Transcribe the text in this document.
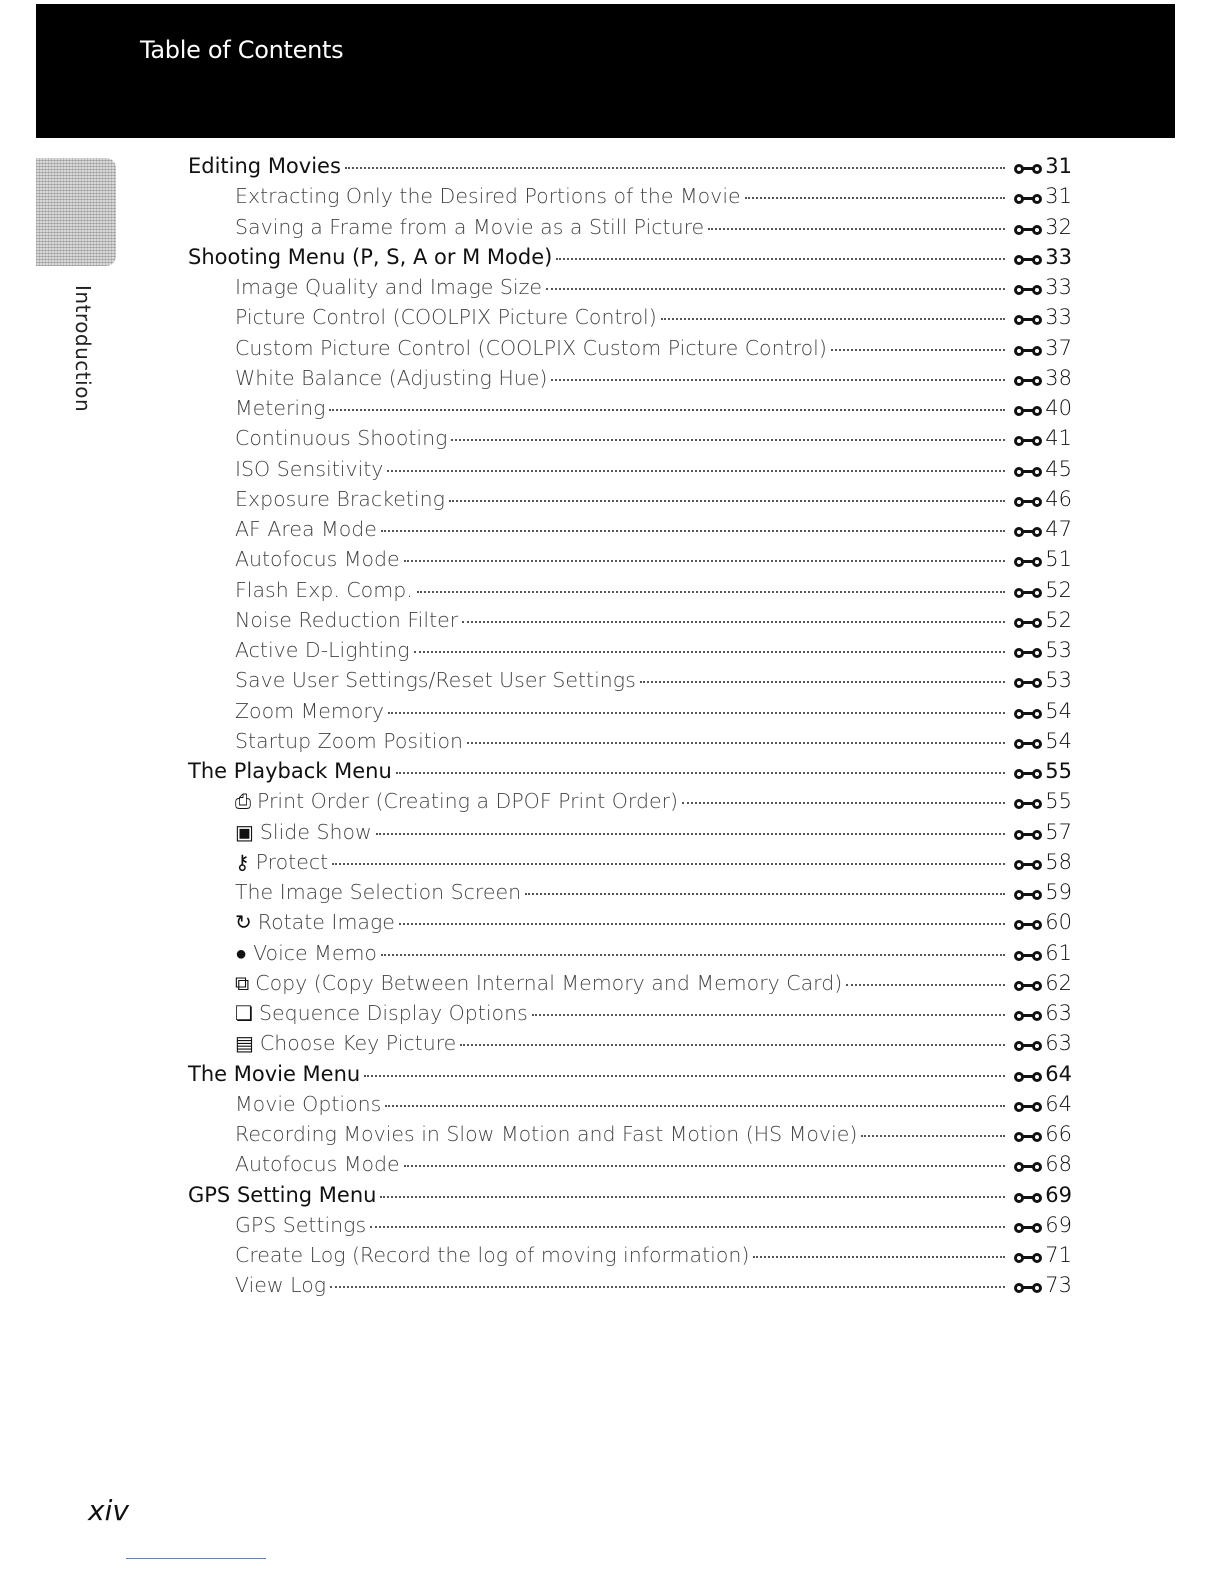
Table of Contents
Introduction
Editing Movies	31
Extracting Only the Desired Portions of the Movie	31
Saving a Frame from a Movie as a Still Picture	32
Shooting Menu (P, S, A or M Mode)	33
Image Quality and Image Size	33
Picture Control (COOLPIX Picture Control)	33
Custom Picture Control (COOLPIX Custom Picture Control)	37
White Balance (Adjusting Hue)	38
Metering	40
Continuous Shooting	41
ISO Sensitivity	45
Exposure Bracketing	46
AF Area Mode	47
Autofocus Mode	51
Flash Exp. Comp.	52
Noise Reduction Filter	52
Active D-Lighting	53
Save User Settings/Reset User Settings	53
Zoom Memory	54
Startup Zoom Position	54
The Playback Menu	55
⎙ Print Order (Creating a DPOF Print Order)	55
▣ Slide Show	57
⚷ Protect	58
The Image Selection Screen	59
↻ Rotate Image	60
● Voice Memo	61
⧉ Copy (Copy Between Internal Memory and Memory Card)	62
❏ Sequence Display Options	63
▤ Choose Key Picture	63
The Movie Menu	64
Movie Options	64
Recording Movies in Slow Motion and Fast Motion (HS Movie)	66
Autofocus Mode	68
GPS Setting Menu	69
GPS Settings	69
Create Log (Record the log of moving information)	71
View Log	73
xiv
